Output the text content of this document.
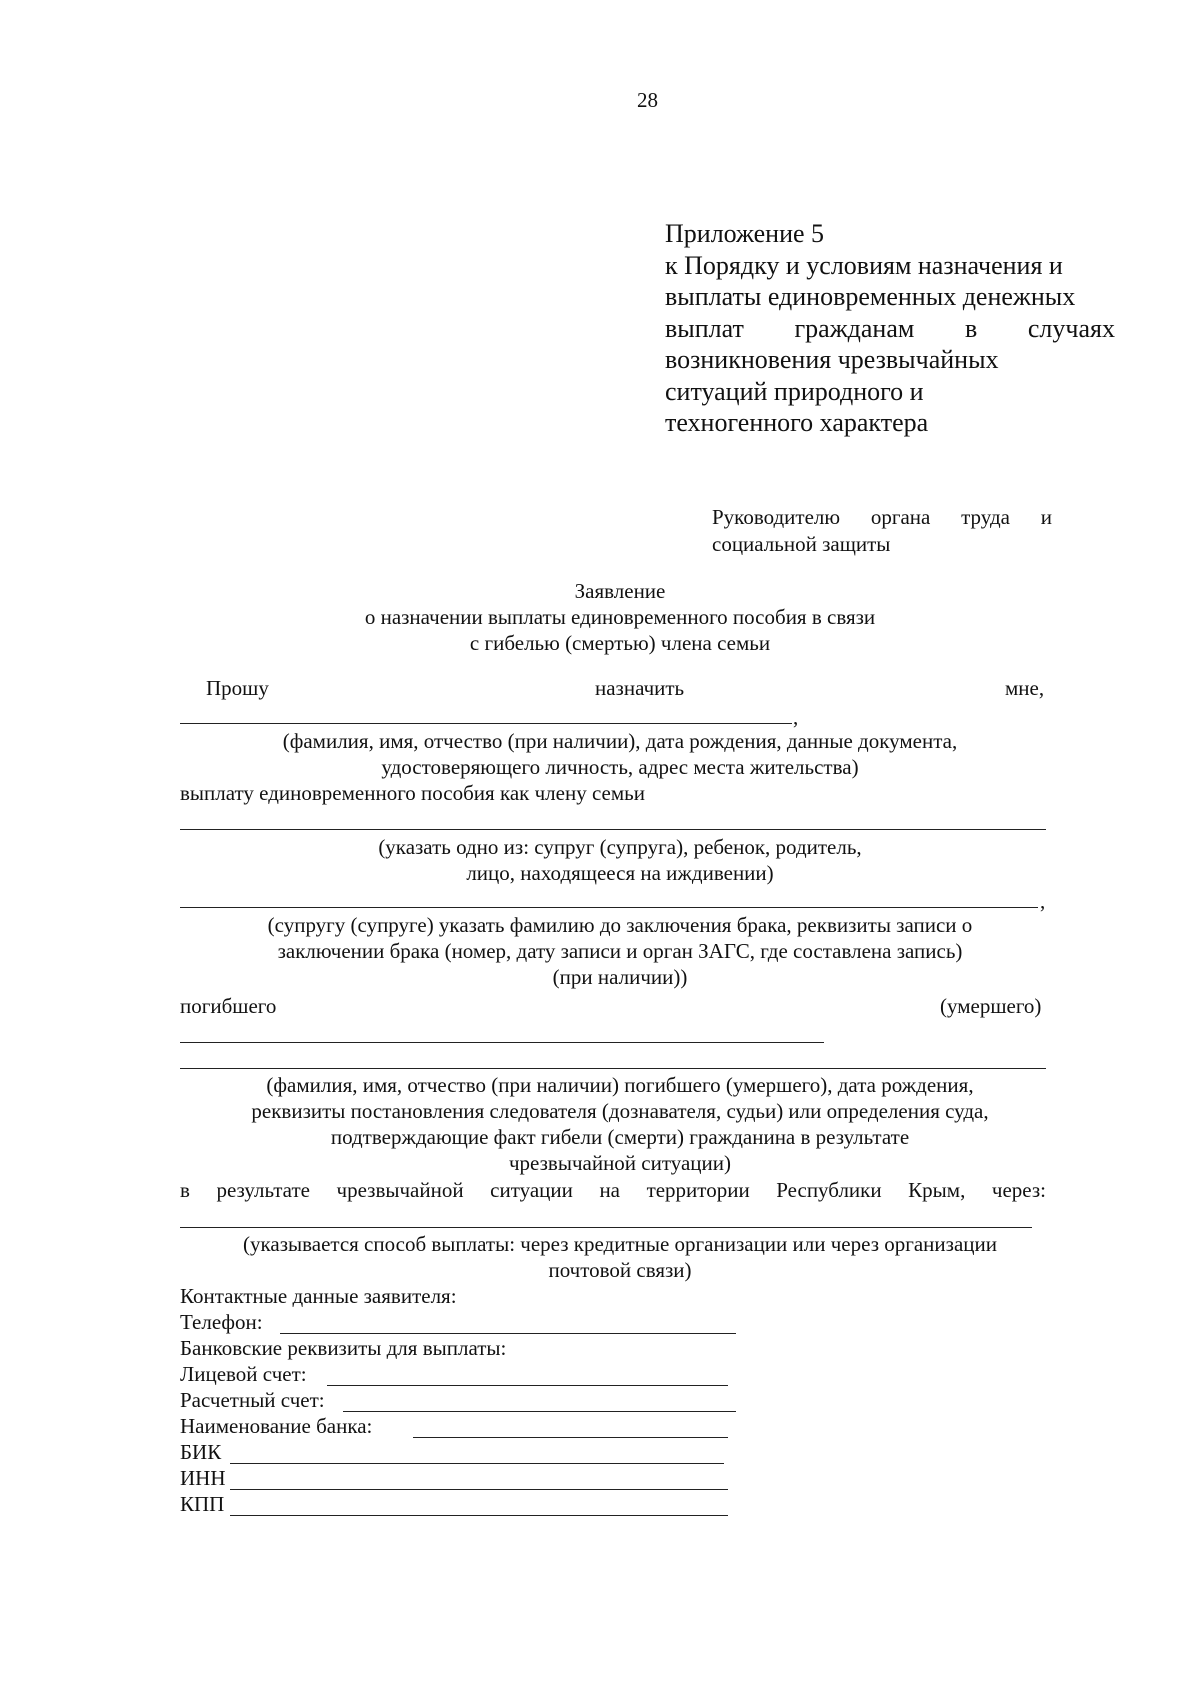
28
Приложение 5
к Порядку и условиям назначения и
выплаты единовременных денежных
выплат гражданам в случаях
возникновения чрезвычайных
ситуаций природного и
техногенного характера
Руководителю органа труда и
социальной защиты
Заявление
о назначении выплаты единовременного пособия в связи
с гибелью (смертью) члена семьи
Прошу	назначить	мне,
,
(фамилия, имя, отчество (при наличии), дата рождения, данные документа,
удостоверяющего личность, адрес места жительства)
выплату единовременного пособия как члену семьи
(указать одно из: супруг (супруга), ребенок, родитель,
лицо, находящееся на иждивении)
,
(супругу (супруге) указать фамилию до заключения брака, реквизиты записи о
заключении брака (номер, дату записи и орган ЗАГС, где составлена запись)
(при наличии))
погибшего	(умершего)
(фамилия, имя, отчество (при наличии) погибшего (умершего), дата рождения,
реквизиты постановления следователя (дознавателя, судьи) или определения суда,
подтверждающие факт гибели (смерти) гражданина в результате
чрезвычайной ситуации)
в результате чрезвычайной ситуации на территории Республики Крым, через:
(указывается способ выплаты: через кредитные организации или через организации
почтовой связи)
Контактные данные заявителя:
Телефон:
Банковские реквизиты для выплаты:
Лицевой счет:
Расчетный счет:
Наименование банка:
БИК
ИНН
КПП
